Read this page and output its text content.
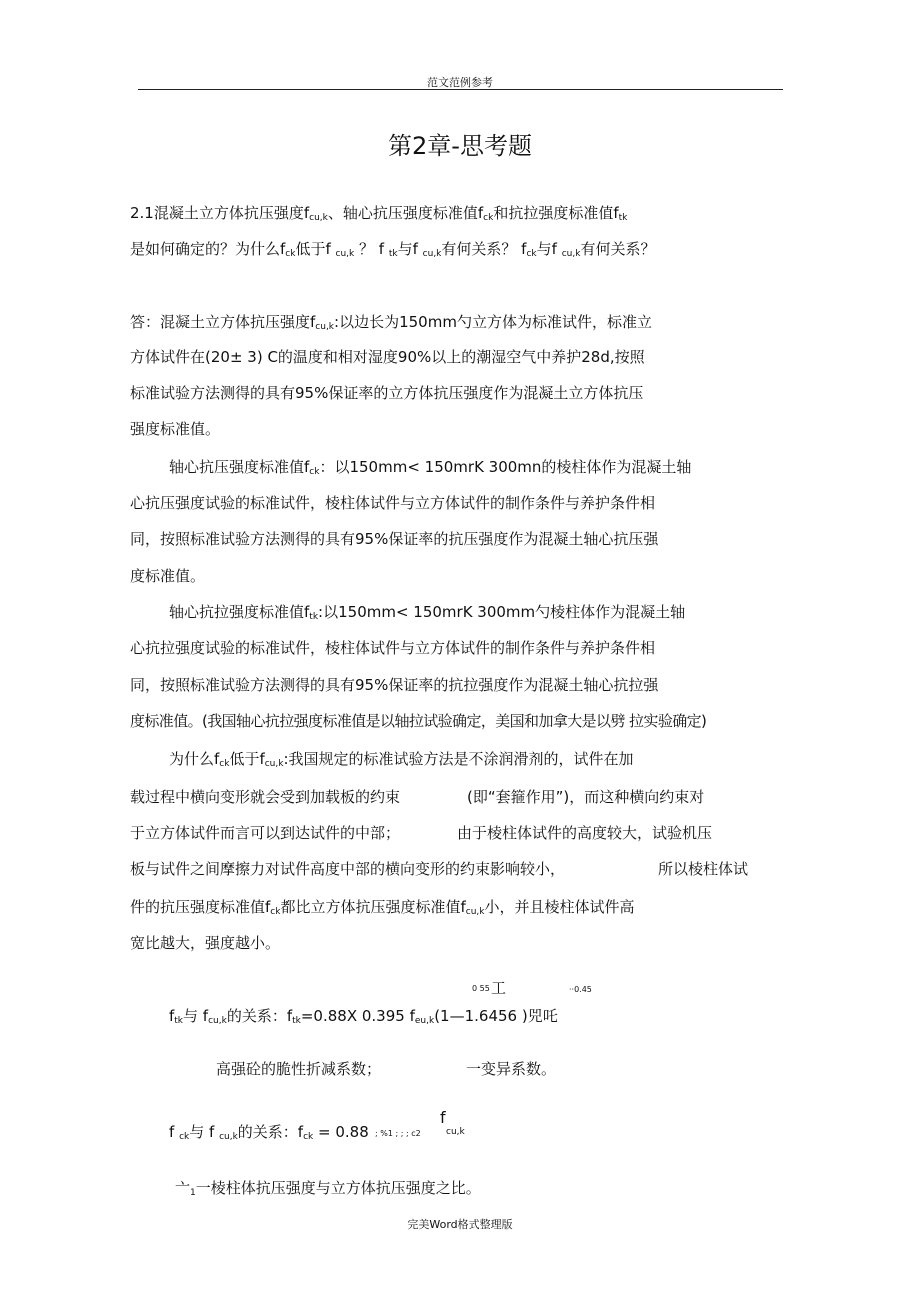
范文范例参考
第2章-思考题
2.1混凝土立方体抗压强度$f_{cu,k}$、轴心抗压强度标准值$f_{ck}$和抗拉强度标准值$f_{tk}$
是如何确定的？为什么$f_{ck}$低于f $_{cu,k}$ ？ f $_{tk}$与f $_{cu,k}$有何关系？ $f_{ck}$与f $_{cu,k}$有何关系？
答：混凝土立方体抗压强度$f_{cu,k}$:以边长为150mm勺立方体为标准试件，标准立
方体试件在(20± 3) C的温度和相对湿度90%以上的潮湿空气中养护28d,按照
标准试验方法测得的具有95%保证率的立方体抗压强度作为混凝土立方体抗压
强度标准值。
轴心抗压强度标准值$f_{ck}$：以150mm< 150mrK 300mn的棱柱体作为混凝土轴
心抗压强度试验的标准试件，棱柱体试件与立方体试件的制作条件与养护条件相
同，按照标准试验方法测得的具有95%保证率的抗压强度作为混凝土轴心抗压强
度标准值。
轴心抗拉强度标准值$f_{tk}$:以150mm< 150mrK 300mm勺棱柱体作为混凝土轴
心抗拉强度试验的标准试件，棱柱体试件与立方体试件的制作条件与养护条件相
同，按照标准试验方法测得的具有95%保证率的抗拉强度作为混凝土轴心抗拉强
度标准值。(我国轴心抗拉强度标准值是以轴拉试验确定，美国和加拿大是以劈 拉实验确定)
为什么$f_{ck}$低于$f_{cu,k}$:我国规定的标准试验方法是不涂润滑剂的，试件在加
载过程中横向变形就会受到加载板的约束	(即“套箍作用”)，而这种横向约束对
于立方体试件而言可以到达试件的中部；	由于棱柱体试件的高度较大，试验机压
板与试件之间摩擦力对试件高度中部的横向变形的约束影响较小，	所以棱柱体试
件的抗压强度标准值$f_{ck}$都比立方体抗压强度标准值$f_{cu,k}$小，并且棱柱体试件高
宽比越大，强度越小。
0 55 工	··0.45
$f_{tk}$与 $f_{cu,k}$的关系：$f_{tk}=0.88X$ 0.395 $f_{eu,k}(1—1.6456$ )兕吒
高强砼的脆性折减系数；	一变异系数。
f
f $_{ck}$与 f $_{cu,k}$的关系：$f_{ck} = 0.88$ ; %1 ; ; ; c2	cu,k
亠$_1$一棱柱体抗压强度与立方体抗压强度之比。
完美Word格式整理版
